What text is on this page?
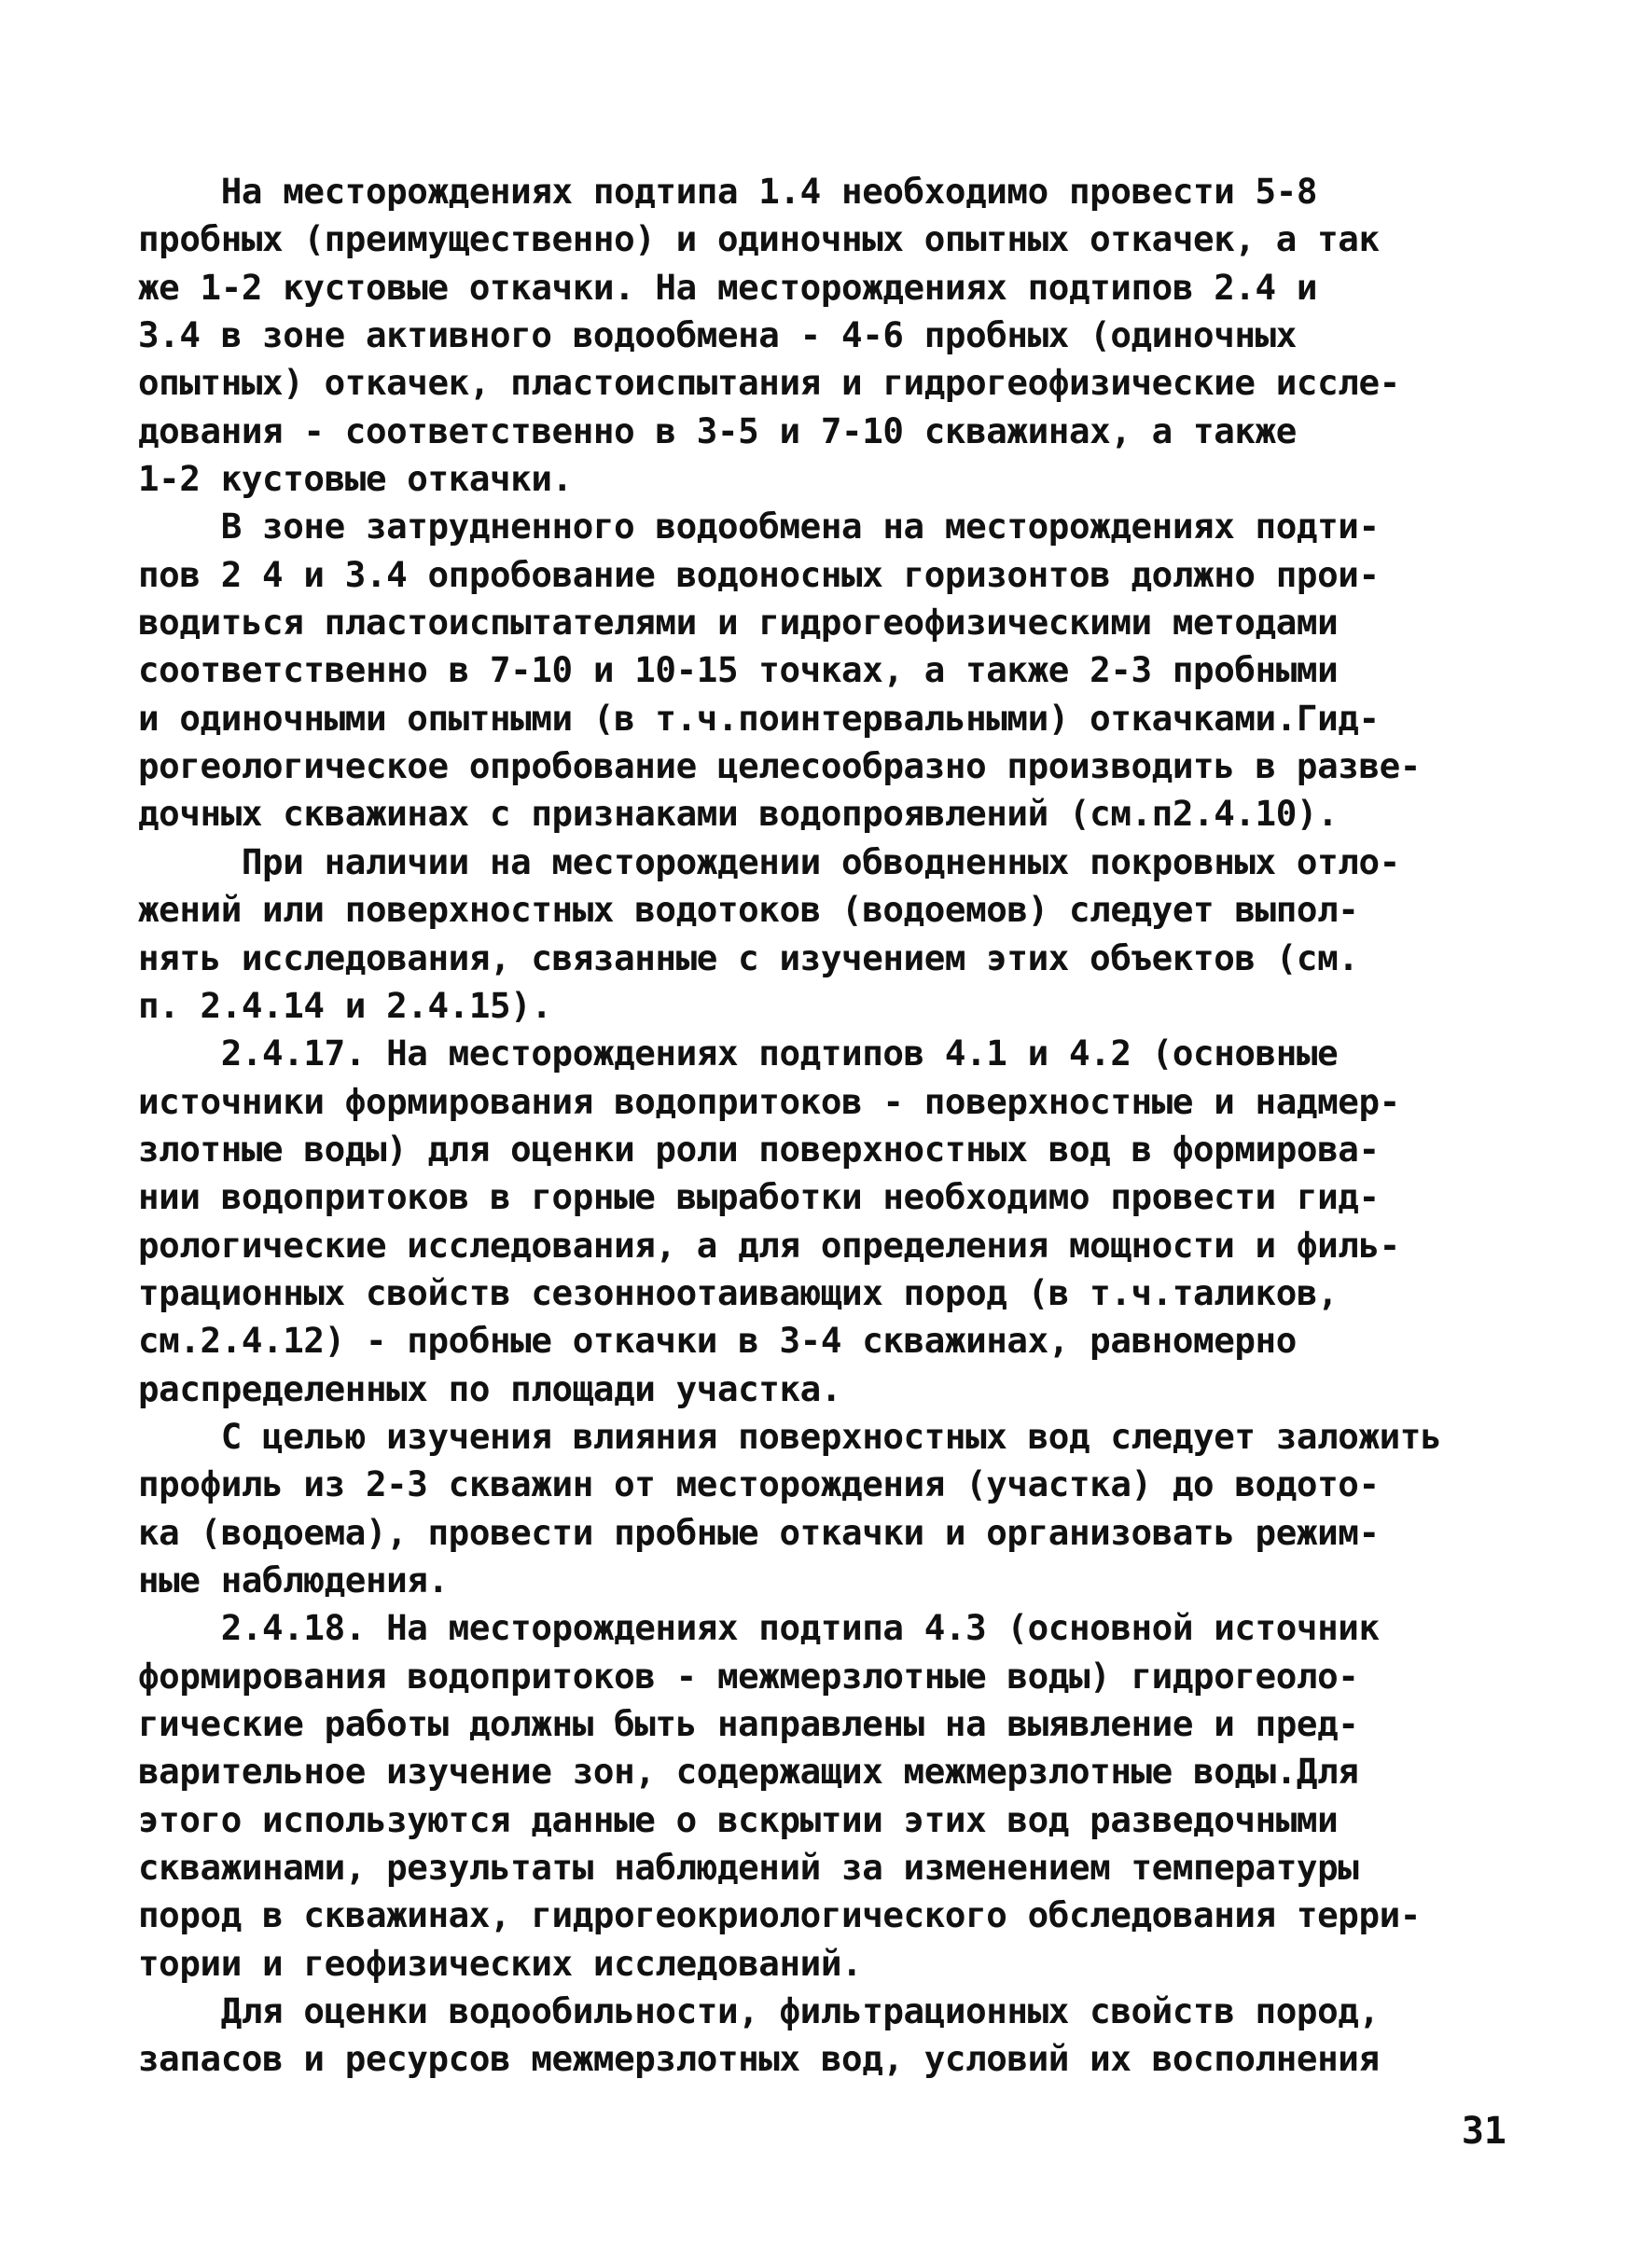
На месторождениях подтипа 1.4 необходимо провести 5-8
пробных (преимущественно) и одиночных опытных откачек, а так
же 1-2 кустовые откачки. На месторождениях подтипов 2.4 и
3.4 в зоне активного водообмена - 4-6 пробных (одиночных
опытных) откачек, пластоиспытания и гидрогеофизические иссле-
дования - соответственно в 3-5 и 7-10 скважинах, а также
1-2 кустовые откачки.
В зоне затрудненного водообмена на месторождениях подти-
пов 2 4 и 3.4 опробование водоносных горизонтов должно прои-
водиться пластоиспытателями и гидрогеофизическими методами
соответственно в 7-10 и 10-15 точках, а также 2-3 пробными
и одиночными опытными (в т.ч.поинтервальными) откачками.Гид-
рогеологическое опробование целесообразно производить в разве-
дочных скважинах с признаками водопроявлений (см.п2.4.10).
При наличии на месторождении обводненных покровных отло-
жений или поверхностных водотоков (водоемов) следует выпол-
нять исследования, связанные с изучением этих объектов (см.
п. 2.4.14 и 2.4.15).
2.4.17. На месторождениях подтипов 4.1 и 4.2 (основные
источники формирования водопритоков - поверхностные и надмер-
злотные воды) для оценки роли поверхностных вод в формирова-
нии водопритоков в горные выработки необходимо провести гид-
рологические исследования, а для определения мощности и филь-
трационных свойств сезонноотаивающих пород (в т.ч.таликов,
см.2.4.12) - пробные откачки в 3-4 скважинах, равномерно
распределенных по площади участка.
С целью изучения влияния поверхностных вод следует заложить
профиль из 2-3 скважин от месторождения (участка) до водото-
ка (водоема), провести пробные откачки и организовать режим-
ные наблюдения.
2.4.18. На месторождениях подтипа 4.3 (основной источник
формирования водопритоков - межмерзлотные воды) гидрогеоло-
гические работы должны быть направлены на выявление и пред-
варительное изучение зон, содержащих межмерзлотные воды.Для
этого используются данные о вскрытии этих вод разведочными
скважинами, результаты наблюдений за изменением температуры
пород в скважинах, гидрогеокриологического обследования терри-
тории и геофизических исследований.
Для оценки водообильности, фильтрационных свойств пород,
запасов и ресурсов межмерзлотных вод, условий их восполнения
31
